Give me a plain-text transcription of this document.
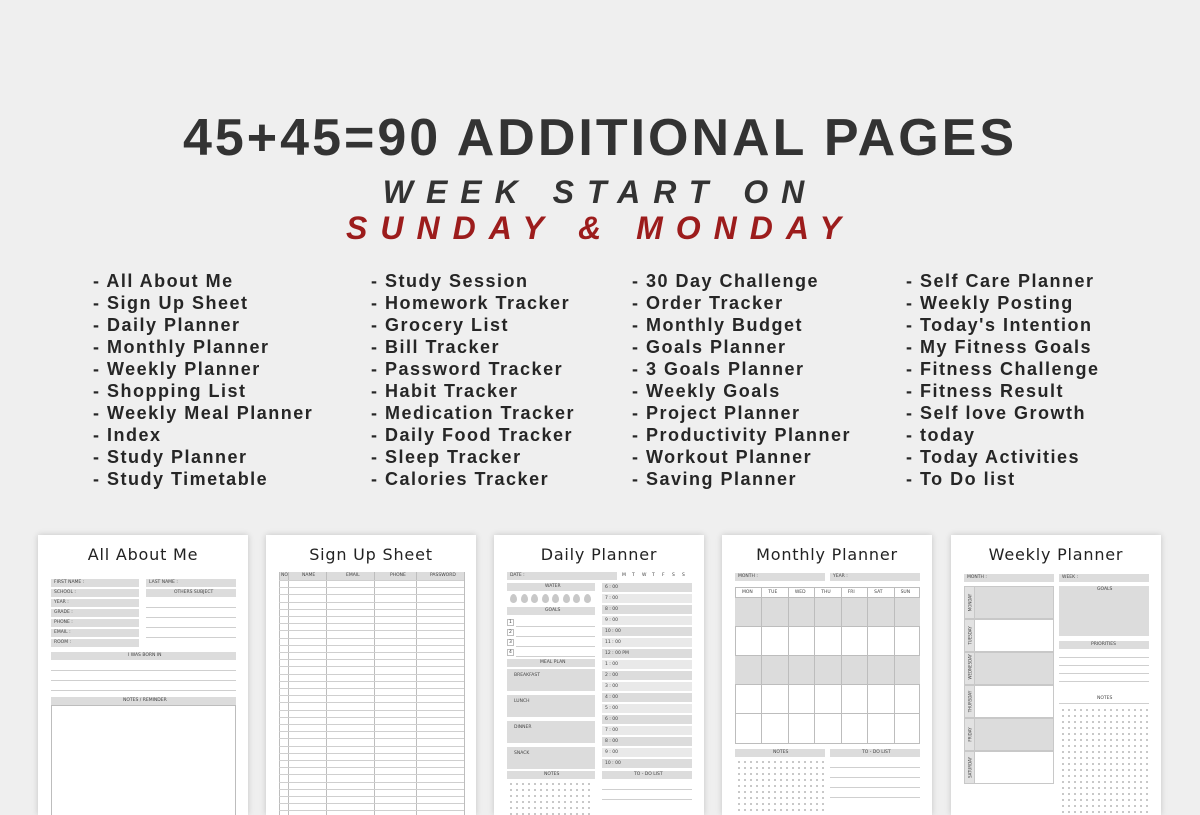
45+45=90 ADDITIONAL PAGES
WEEK START ON
SUNDAY & MONDAY
- All About Me
- Sign Up Sheet
- Daily Planner
- Monthly Planner
- Weekly Planner
- Shopping List
- Weekly Meal Planner
- Index
- Study Planner
- Study Timetable
- Study Session
- Homework Tracker
- Grocery List
- Bill Tracker
- Password Tracker
- Habit Tracker
- Medication Tracker
- Daily Food Tracker
- Sleep Tracker
- Calories Tracker
- 30 Day Challenge
- Order Tracker
- Monthly Budget
- Goals Planner
- 3 Goals Planner
- Weekly Goals
- Project Planner
- Productivity Planner
- Workout Planner
- Saving Planner
- Self Care Planner
- Weekly Posting
- Today's Intention
- My Fitness Goals
- Fitness Challenge
- Fitness Result
- Self love Growth
- today
- Today Activities
- To Do list
All About Me
FIRST NAME :
SCHOOL :
YEAR :
GRADE :
PHONE :
EMAIL :
ROOM :
LAST NAME :
OTHERS SUBJECT
I WAS BORN IN
NOTES / REMINDER
Sign Up Sheet
NO	NAME	EMAIL	PHONE	PASSWORD
Daily Planner
DATE :	M T W T F S S
WATER
GOALS
1
2
3
4
MEAL PLAN
BREAKFAST
LUNCH
DINNER
SNACK
6 : 00
7 : 00
8 : 00
9 : 00
10 : 00
11 : 00
12 : 00 PM
1 : 00
2 : 00
3 : 00
4 : 00
5 : 00
6 : 00
7 : 00
8 : 00
9 : 00
10 : 00
NOTES	TO - DO LIST
Monthly Planner
MONTH :	YEAR :
MON	TUE	WED	THU	FRI	SAT	SUN
NOTES	TO - DO LIST
Weekly Planner
MONTH :	WEEK :
MONDAY
TUESDAY
WEDNESDAY
THURSDAY
FRIDAY
SATURDAY
GOALS
PRIORITIES
NOTES
